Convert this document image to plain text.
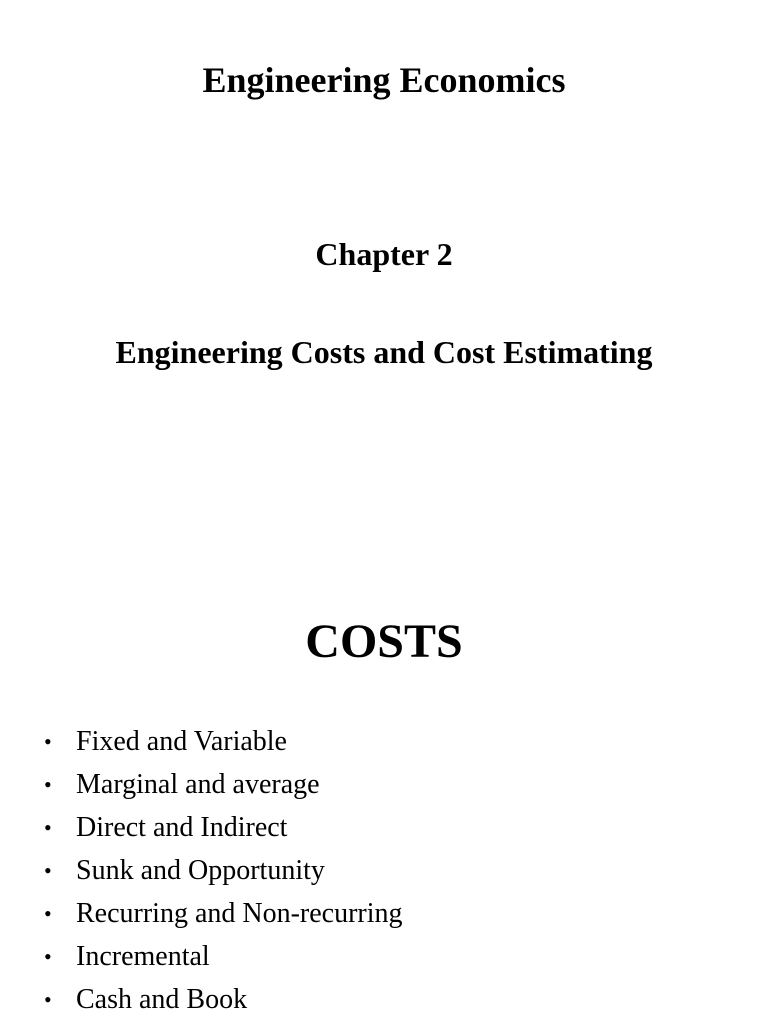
Engineering Economics
Chapter 2
Engineering Costs and Cost Estimating
COSTS
• Fixed and Variable
• Marginal and average
• Direct and Indirect
• Sunk and Opportunity
• Recurring and Non-recurring
• Incremental
• Cash and Book
